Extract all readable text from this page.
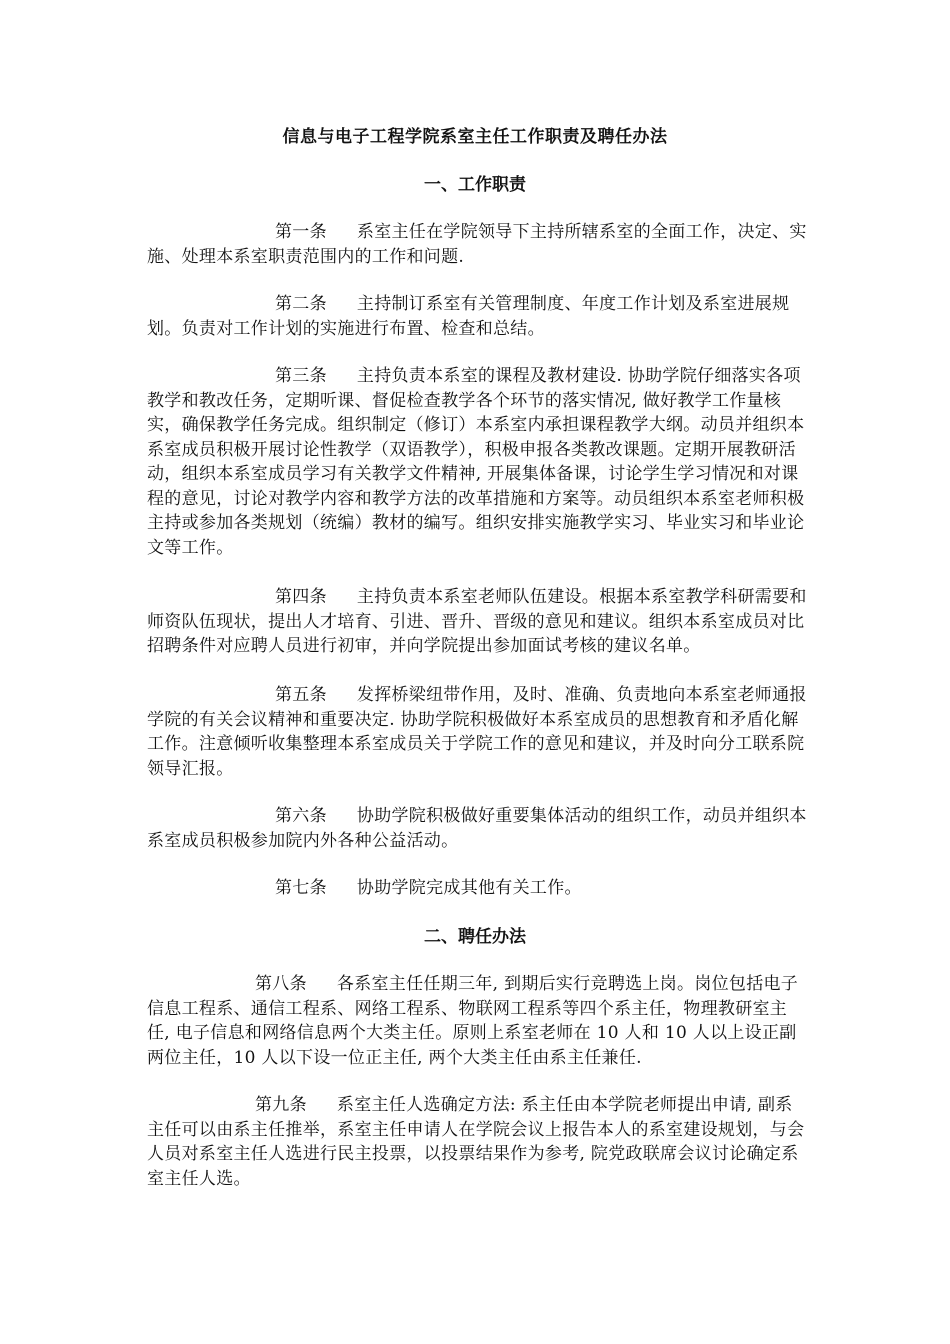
信息与电子工程学院系室主任工作职责及聘任办法
一、工作职责

第一条 系室主任在学院领导下主持所辖系室的全面工作，决定、实施、处理本系室职责范围内的工作和问题.

第二条 主持制订系室有关管理制度、年度工作计划及系室进展规划。负责对工作计划的实施进行布置、检查和总结。

第三条 主持负责本系室的课程及教材建设. 协助学院仔细落实各项教学和教改任务，定期听课、督促检查教学各个环节的落实情况, 做好教学工作量核实，确保教学任务完成。组织制定（修订）本系室内承担课程教学大纲。动员并组织本系室成员积极开展讨论性教学（双语教学），积极申报各类教改课题。定期开展教研活动，组织本系室成员学习有关教学文件精神, 开展集体备课，讨论学生学习情况和对课程的意见，讨论对教学内容和教学方法的改革措施和方案等。动员组织本系室老师积极主持或参加各类规划（统编）教材的编写。组织安排实施教学实习、毕业实习和毕业论文等工作。

第四条 主持负责本系室老师队伍建设。根据本系室教学科研需要和师资队伍现状，提出人才培育、引进、晋升、晋级的意见和建议。组织本系室成员对比招聘条件对应聘人员进行初审，并向学院提出参加面试考核的建议名单。

第五条 发挥桥梁纽带作用，及时、准确、负责地向本系室老师通报学院的有关会议精神和重要决定. 协助学院积极做好本系室成员的思想教育和矛盾化解工作。注意倾听收集整理本系室成员关于学院工作的意见和建议，并及时向分工联系院领导汇报。

第六条 协助学院积极做好重要集体活动的组织工作，动员并组织本系室成员积极参加院内外各种公益活动。

第七条 协助学院完成其他有关工作。

二、聘任办法

第八条 各系室主任任期三年, 到期后实行竞聘选上岗。岗位包括电子信息工程系、通信工程系、网络工程系、物联网工程系等四个系主任，物理教研室主任, 电子信息和网络信息两个大类主任。原则上系室老师在 10 人和 10 人以上设正副两位主任，10 人以下设一位正主任, 两个大类主任由系主任兼任.

第九条 系室主任人选确定方法: 系主任由本学院老师提出申请, 副系主任可以由系主任推举，系室主任申请人在学院会议上报告本人的系室建设规划，与会人员对系室主任人选进行民主投票，以投票结果作为参考, 院党政联席会议讨论确定系室主任人选。
